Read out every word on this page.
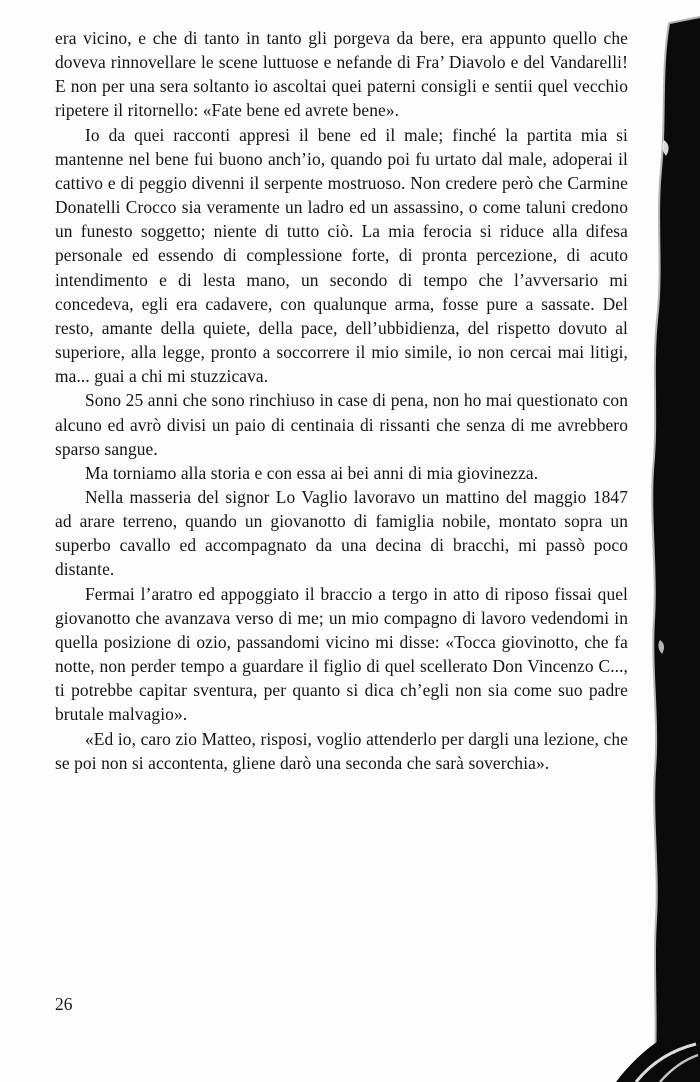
era vicino, e che di tanto in tanto gli porgeva da bere, era appunto quello che doveva rinnovellare le scene luttuose e nefande di Fra’ Diavolo e del Vandarelli! E non per una sera soltanto io ascoltai quei paterni consigli e sentii quel vecchio ripetere il ritornello: «Fate bene ed avrete bene».

Io da quei racconti appresi il bene ed il male; finché la partita mia si mantenne nel bene fui buono anch’io, quando poi fu urtato dal male, adoperai il cattivo e di peggio divenni il serpente mostruoso. Non credere però che Carmine Donatelli Crocco sia veramente un ladro ed un assassino, o come taluni credono un funesto soggetto; niente di tutto ciò. La mia ferocia si riduce alla difesa personale ed essendo di complessione forte, di pronta percezione, di acuto intendimento e di lesta mano, un secondo di tempo che l’avversario mi concedeva, egli era cadavere, con qualunque arma, fosse pure a sassate. Del resto, amante della quiete, della pace, dell’ubbidienza, del rispetto dovuto al superiore, alla legge, pronto a soccorrere il mio simile, io non cercai mai litigi, ma... guai a chi mi stuzzicava.

Sono 25 anni che sono rinchiuso in case di pena, non ho mai questionato con alcuno ed avrò divisi un paio di centinaia di rissanti che senza di me avrebbero sparso sangue.

Ma torniamo alla storia e con essa ai bei anni di mia giovinezza.

Nella masseria del signor Lo Vaglio lavoravo un mattino del maggio 1847 ad arare terreno, quando un giovanotto di famiglia nobile, montato sopra un superbo cavallo ed accompagnato da una decina di bracchi, mi passò poco distante.

Fermai l’aratro ed appoggiato il braccio a tergo in atto di riposo fissai quel giovanotto che avanzava verso di me; un mio compagno di lavoro vedendomi in quella posizione di ozio, passandomi vicino mi disse: «Tocca giovinotto, che fa notte, non perder tempo a guardare il figlio di quel scellerato Don Vincenzo C..., ti potrebbe capitar sventura, per quanto si dica ch’egli non sia come suo padre brutale malvagio».

«Ed io, caro zio Matteo, risposi, voglio attenderlo per dargli una lezione, che se poi non si accontenta, gliene darò una seconda che sarà soverchia».

26
